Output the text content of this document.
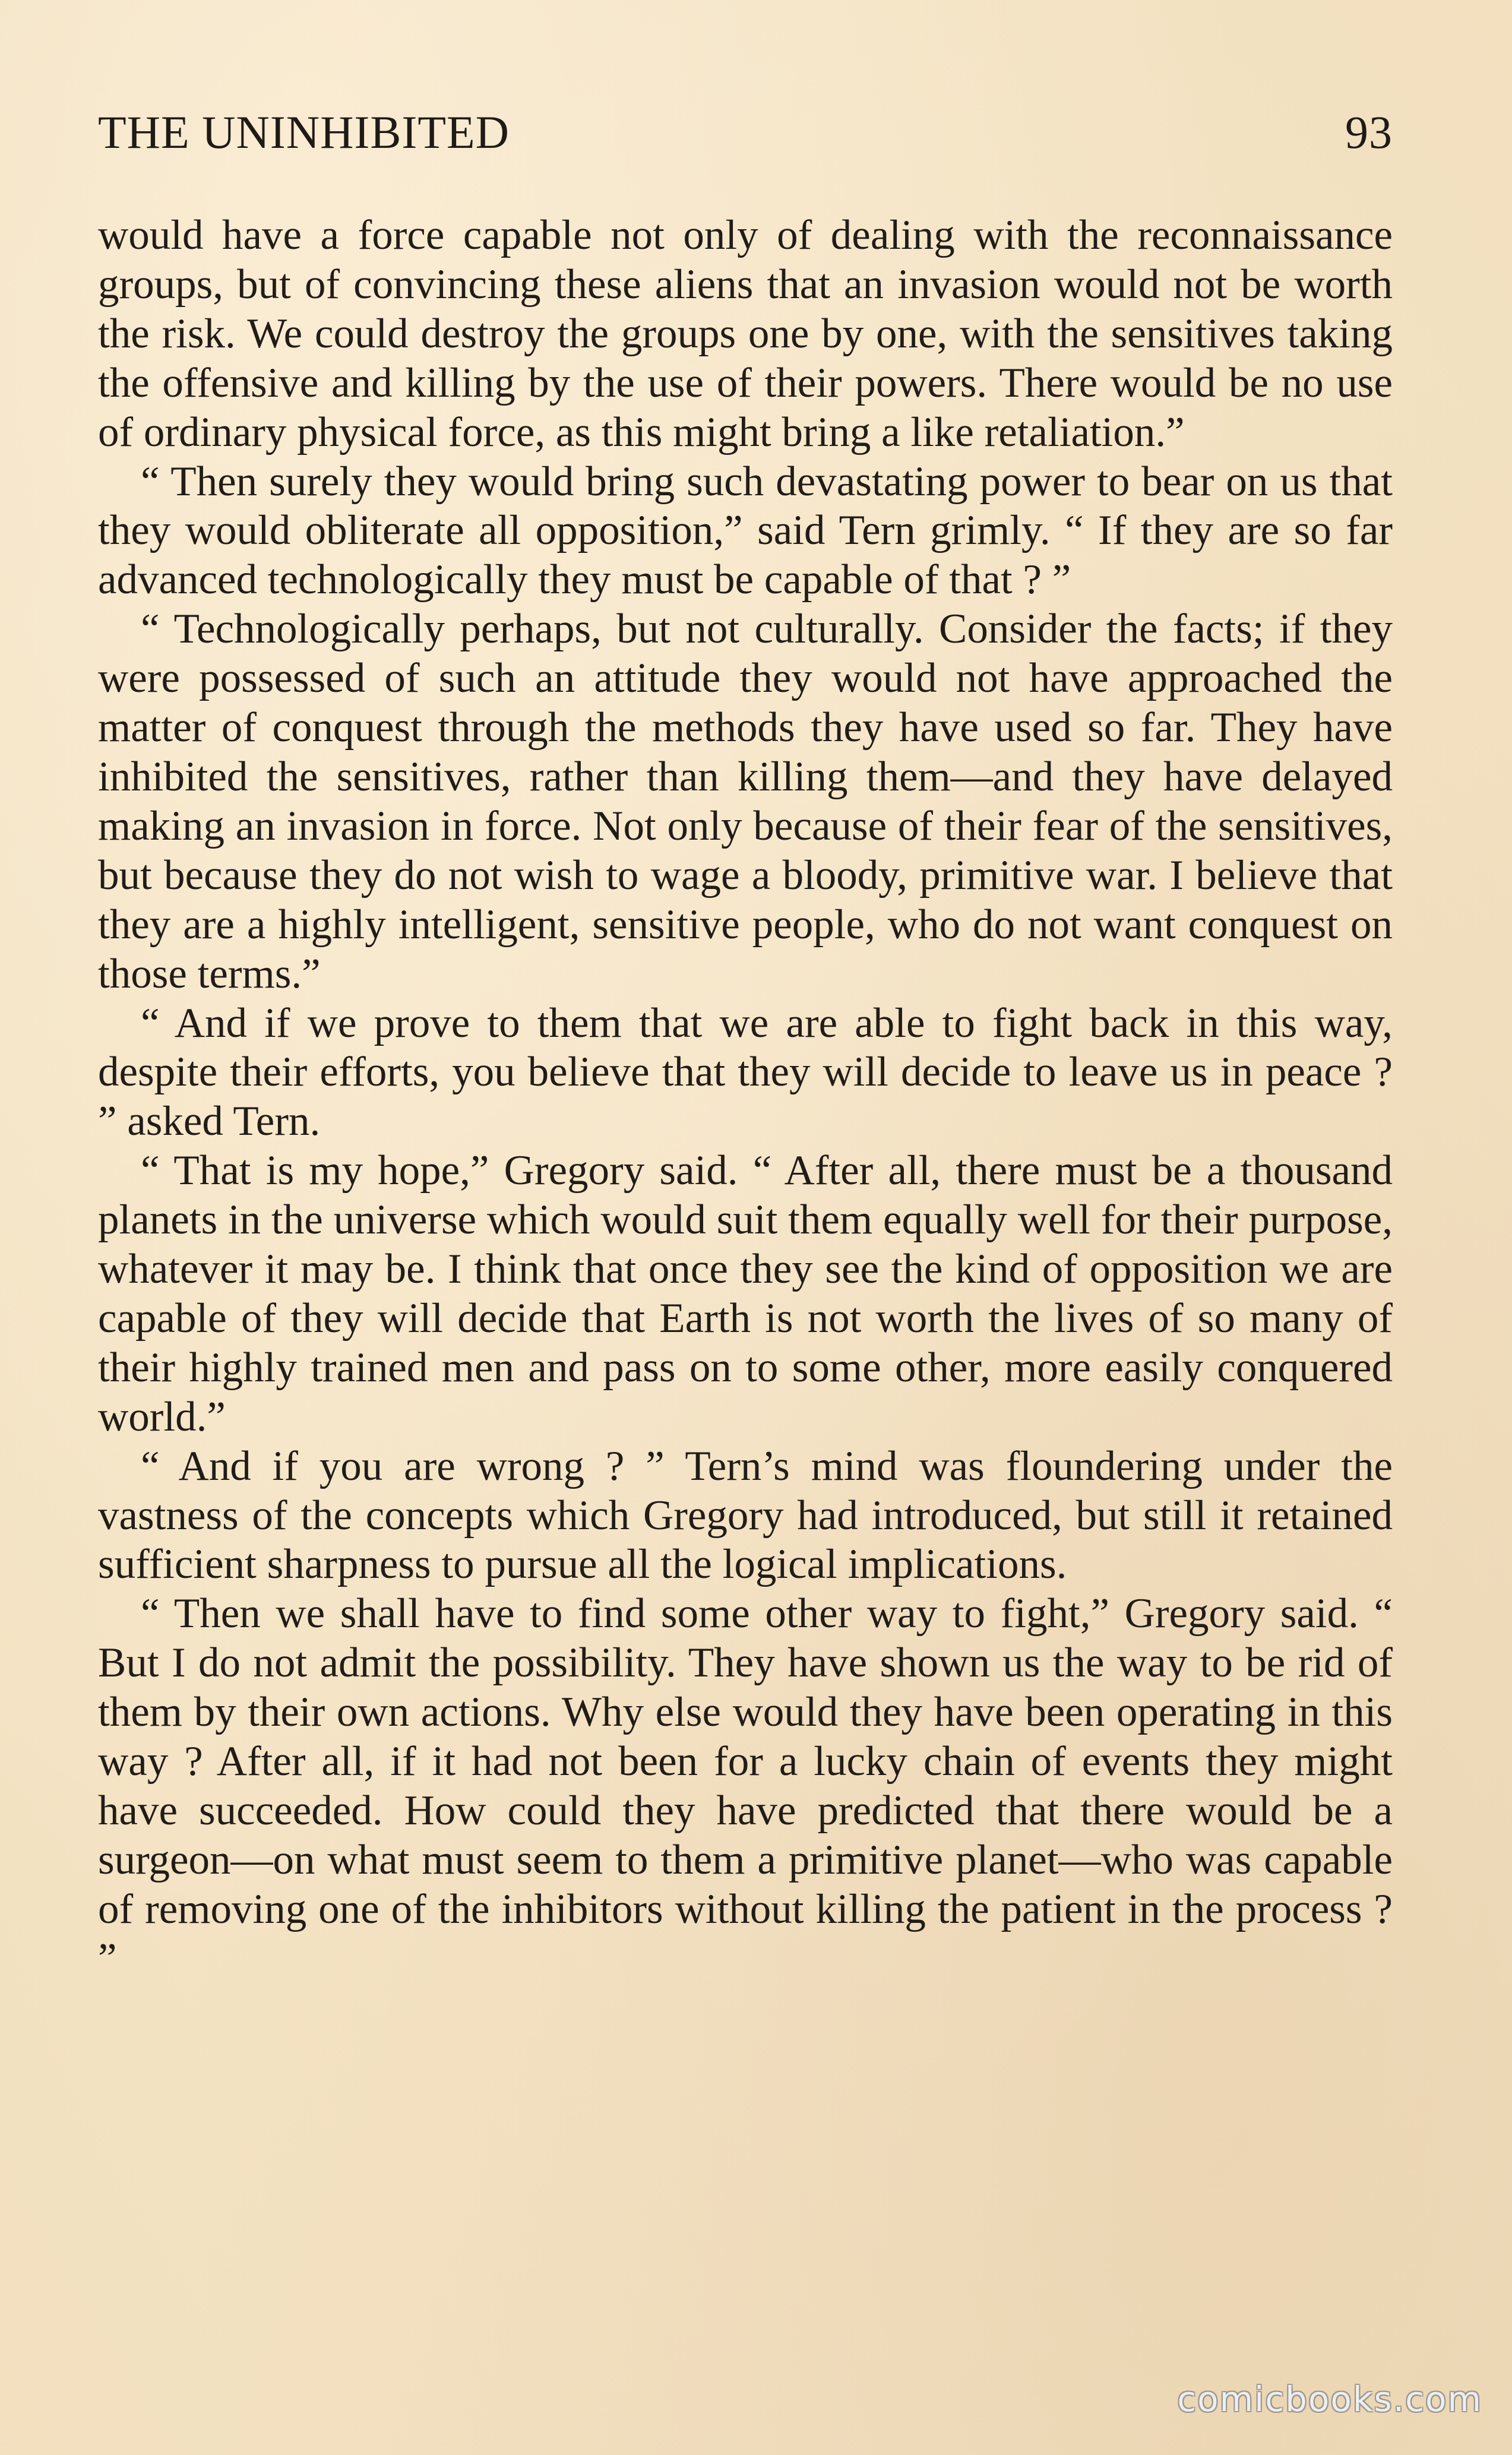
THE UNINHIBITED	93

would have a force capable not only of dealing with the reconnaissance groups, but of convincing these aliens that an invasion would not be worth the risk. We could destroy the groups one by one, with the sensitives taking the offensive and killing by the use of their powers. There would be no use of ordinary physical force, as this might bring a like retaliation.”

“ Then surely they would bring such devastating power to bear on us that they would obliterate all opposition,” said Tern grimly. “ If they are so far advanced technologically they must be capable of that ? ”

“ Technologically perhaps, but not culturally. Consider the facts; if they were possessed of such an attitude they would not have approached the matter of conquest through the methods they have used so far. They have inhibited the sensitives, rather than killing them—and they have delayed making an invasion in force. Not only because of their fear of the sensitives, but because they do not wish to wage a bloody, primitive war. I believe that they are a highly intelligent, sensitive people, who do not want conquest on those terms.”

“ And if we prove to them that we are able to fight back in this way, despite their efforts, you believe that they will decide to leave us in peace ? ” asked Tern.

“ That is my hope,” Gregory said. “ After all, there must be a thousand planets in the universe which would suit them equally well for their purpose, whatever it may be. I think that once they see the kind of opposition we are capable of they will decide that Earth is not worth the lives of so many of their highly trained men and pass on to some other, more easily conquered world.”

“ And if you are wrong ? ” Tern’s mind was floundering under the vastness of the concepts which Gregory had introduced, but still it retained sufficient sharpness to pursue all the logical implications.

“ Then we shall have to find some other way to fight,” Gregory said. “ But I do not admit the possibility. They have shown us the way to be rid of them by their own actions. Why else would they have been operating in this way ? After all, if it had not been for a lucky chain of events they might have succeeded. How could they have predicted that there would be a surgeon—on what must seem to them a primitive planet—who was capable of removing one of the inhibitors without killing the patient in the process ? ”

comicbooks.com
